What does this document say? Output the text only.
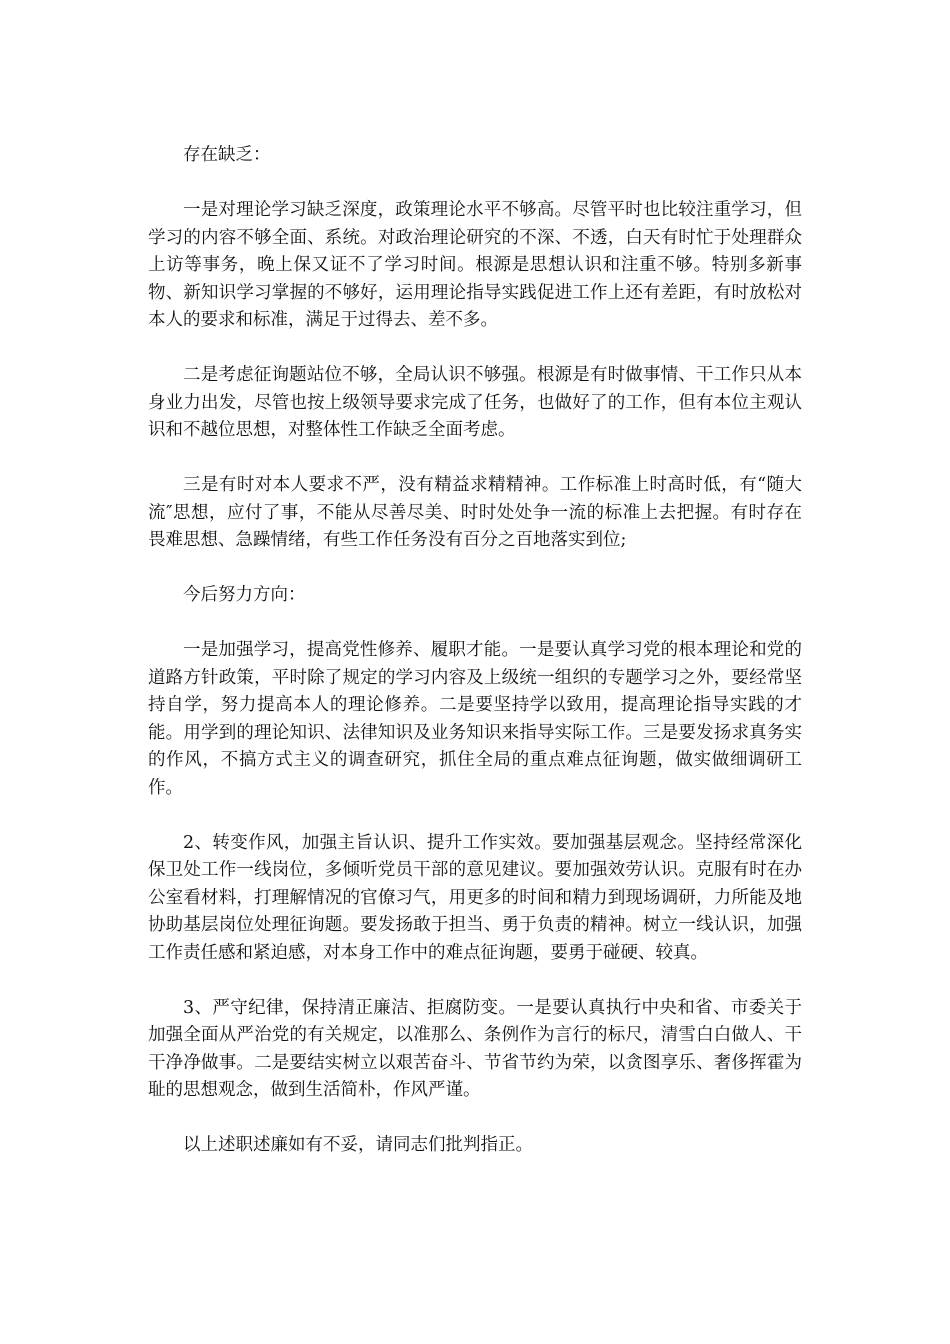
存在缺乏：

一是对理论学习缺乏深度，政策理论水平不够高。尽管平时也比较注重学习，但学习的内容不够全面、系统。对政治理论研究的不深、不透，白天有时忙于处理群众上访等事务，晚上保又证不了学习时间。根源是思想认识和注重不够。特别多新事物、新知识学习掌握的不够好，运用理论指导实践促进工作上还有差距，有时放松对本人的要求和标准，满足于过得去、差不多。

二是考虑征询题站位不够，全局认识不够强。根源是有时做事情、干工作只从本身业力出发，尽管也按上级领导要求完成了任务，也做好了的工作，但有本位主观认识和不越位思想，对整体性工作缺乏全面考虑。

三是有时对本人要求不严，没有精益求精精神。工作标准上时高时低，有“随大流″思想，应付了事，不能从尽善尽美、时时处处争一流的标准上去把握。有时存在畏难思想、急躁情绪，有些工作任务没有百分之百地落实到位;

今后努力方向：

一是加强学习，提高党性修养、履职才能。一是要认真学习党的根本理论和党的道路方针政策，平时除了规定的学习内容及上级统一组织的专题学习之外，要经常坚持自学，努力提高本人的理论修养。二是要坚持学以致用，提高理论指导实践的才能。用学到的理论知识、法律知识及业务知识来指导实际工作。三是要发扬求真务实的作风，不搞方式主义的调查研究，抓住全局的重点难点征询题，做实做细调研工作。

2、转变作风，加强主旨认识、提升工作实效。要加强基层观念。坚持经常深化保卫处工作一线岗位，多倾听党员干部的意见建议。要加强效劳认识。克服有时在办公室看材料，打理解情况的官僚习气，用更多的时间和精力到现场调研，力所能及地协助基层岗位处理征询题。要发扬敢于担当、勇于负责的精神。树立一线认识，加强工作责任感和紧迫感，对本身工作中的难点征询题，要勇于碰硬、较真。

3、严守纪律，保持清正廉洁、拒腐防变。一是要认真执行中央和省、市委关于加强全面从严治党的有关规定，以准那么、条例作为言行的标尺，清雪白白做人、干干净净做事。二是要结实树立以艰苦奋斗、节省节约为荣，以贪图享乐、奢侈挥霍为耻的思想观念，做到生活简朴，作风严谨。

以上述职述廉如有不妥，请同志们批判指正。
